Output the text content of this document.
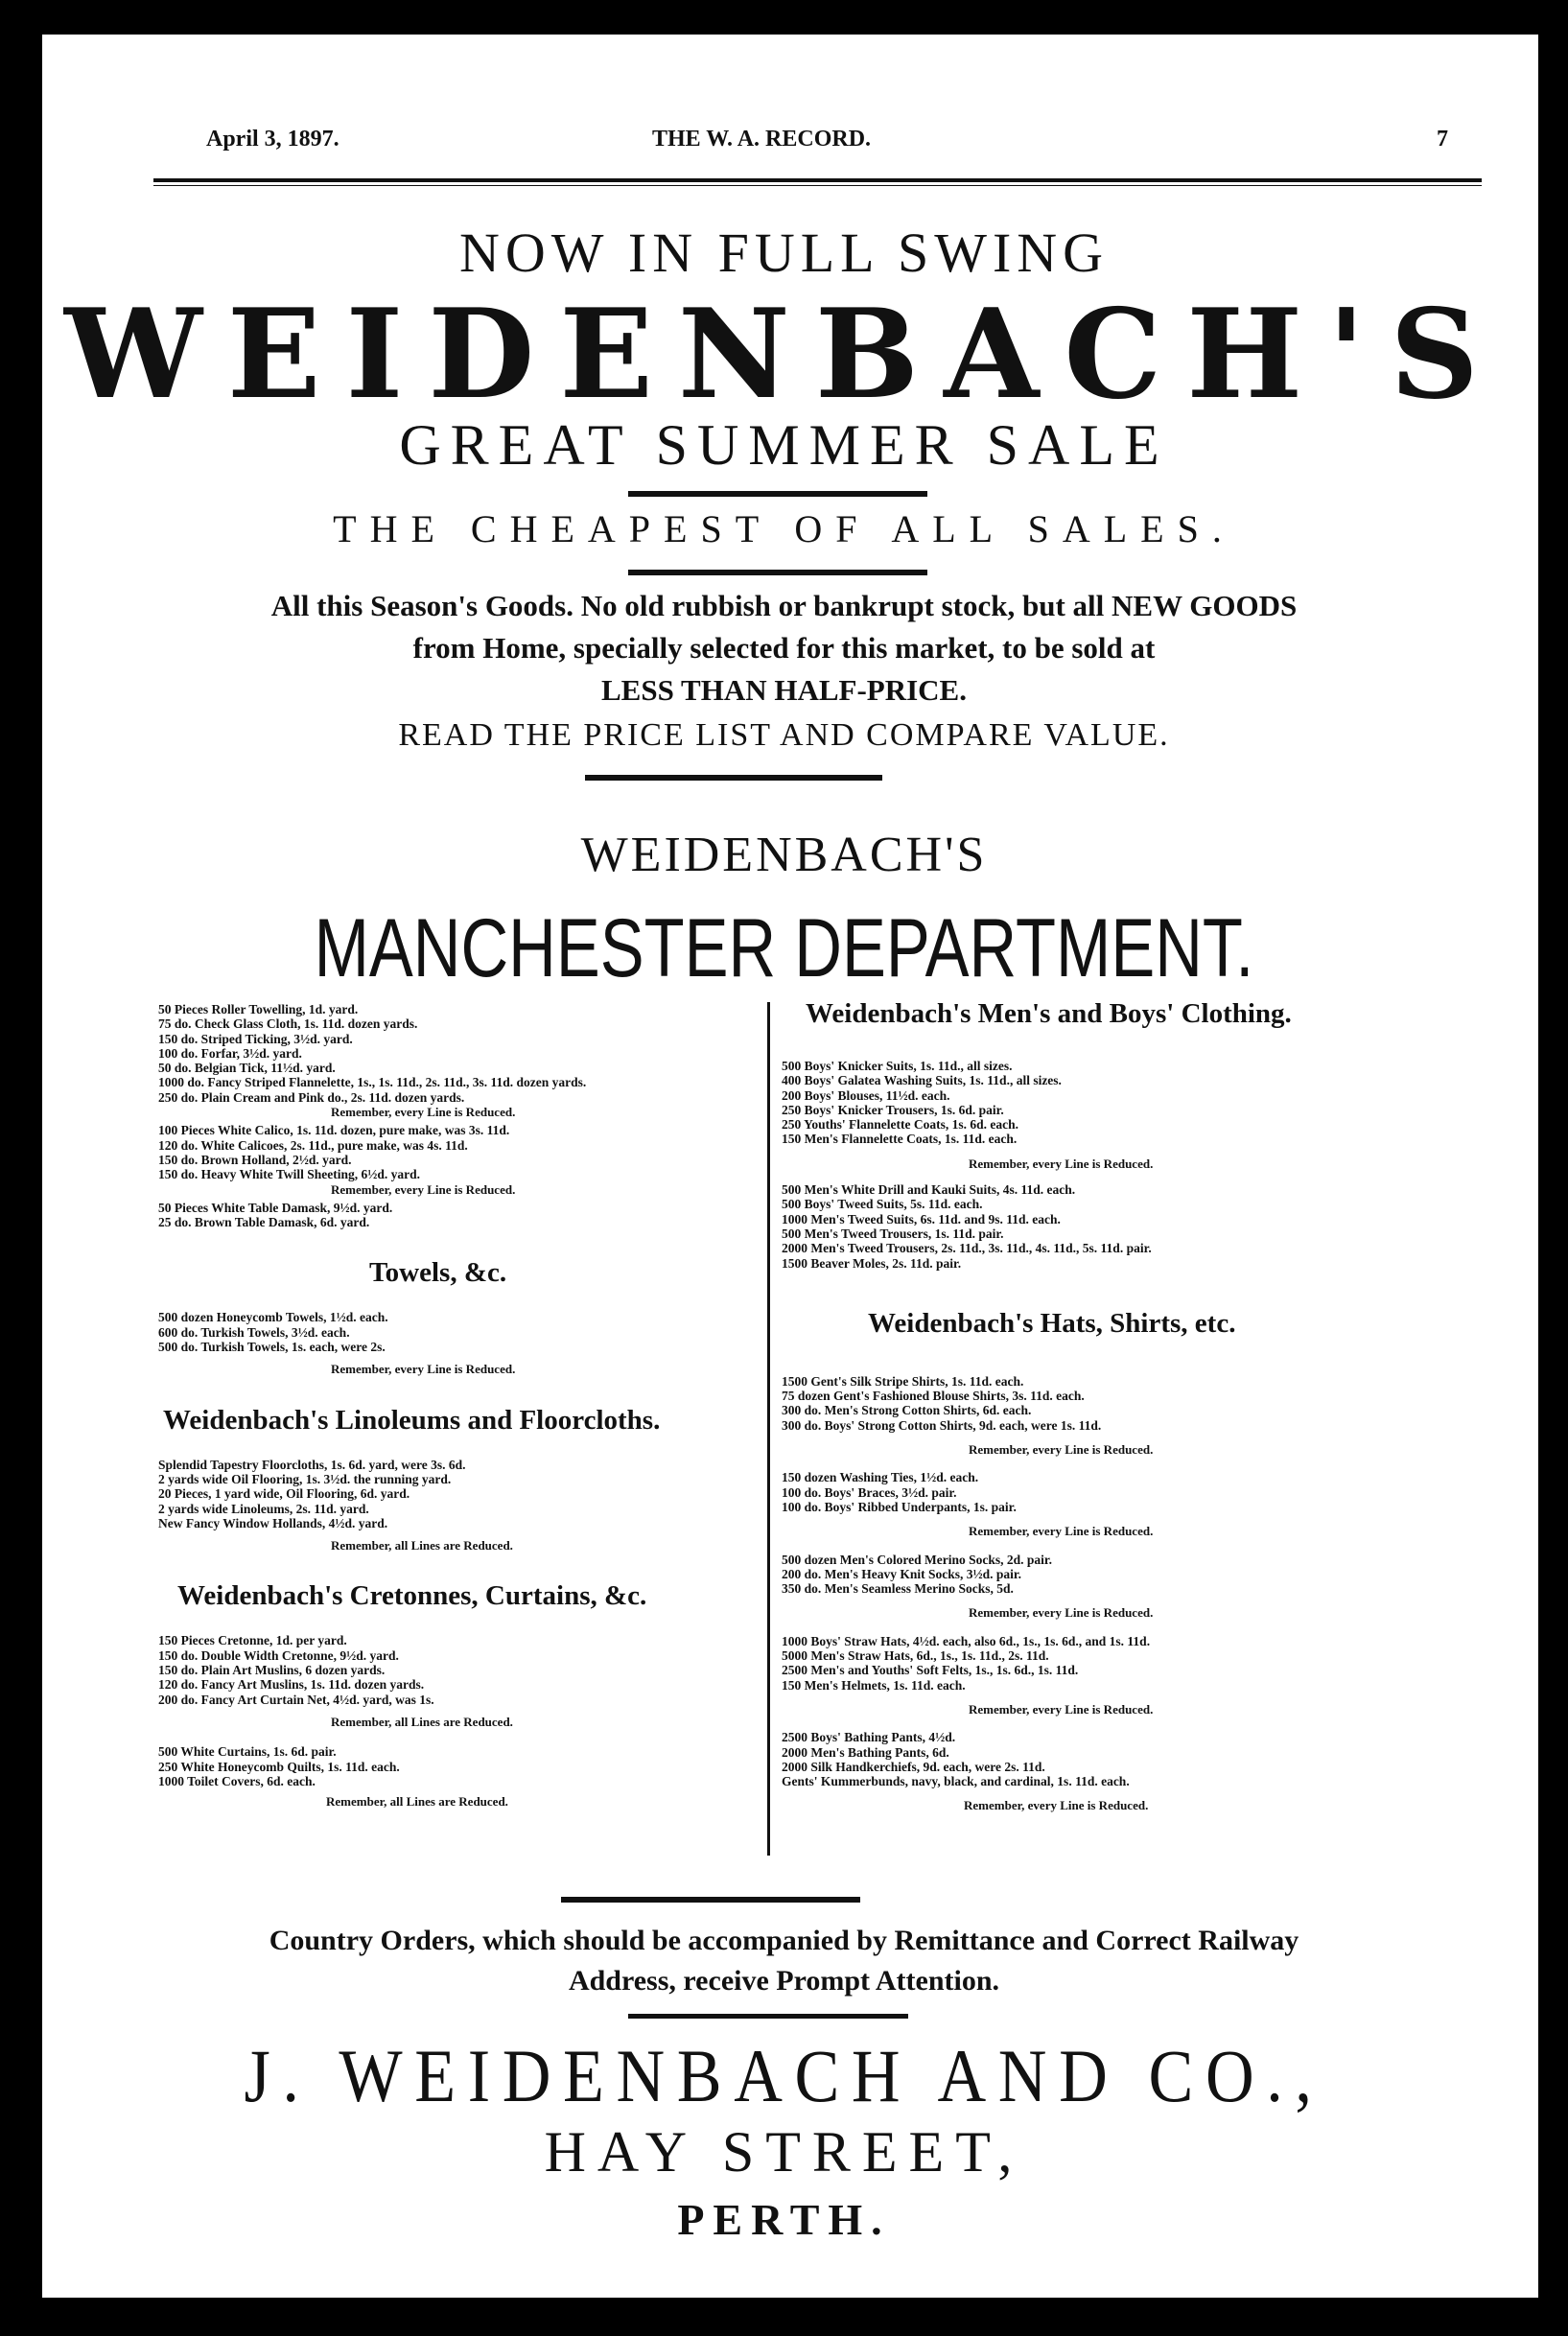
April 3, 1897.	THE W. A. RECORD.	7
NOW IN FULL SWING
WEIDENBACH'S
GREAT SUMMER SALE
THE CHEAPEST OF ALL SALES.
All this Season's Goods. No old rubbish or bankrupt stock, but all NEW GOODS
from Home, specially selected for this market, to be sold at
LESS THAN HALF-PRICE.
READ THE PRICE LIST AND COMPARE VALUE.
WEIDENBACH'S
MANCHESTER DEPARTMENT.
50 Pieces Roller Towelling, 1d. yard.
75 do. Check Glass Cloth, 1s. 11d. dozen yards.
150 do. Striped Ticking, 3½d. yard.
100 do. Forfar, 3½d. yard.
50 do. Belgian Tick, 11½d. yard.
1000 do. Fancy Striped Flannelette, 1s., 1s. 11d., 2s. 11d., 3s. 11d. dozen yards.
250 do. Plain Cream and Pink do., 2s. 11d. dozen yards.
Remember, every Line is Reduced.
100 Pieces White Calico, 1s. 11d. dozen, pure make, was 3s. 11d.
120 do. White Calicoes, 2s. 11d., pure make, was 4s. 11d.
150 do. Brown Holland, 2½d. yard.
150 do. Heavy White Twill Sheeting, 6½d. yard.
Remember, every Line is Reduced.
50 Pieces White Table Damask, 9½d. yard.
25 do. Brown Table Damask, 6d. yard.
Towels, &c.
500 dozen Honeycomb Towels, 1½d. each.
600 do. Turkish Towels, 3½d. each.
500 do. Turkish Towels, 1s. each, were 2s.
Remember, every Line is Reduced.
Weidenbach's Linoleums and Floorcloths.
Splendid Tapestry Floorcloths, 1s. 6d. yard, were 3s. 6d.
2 yards wide Oil Flooring, 1s. 3½d. the running yard.
20 Pieces, 1 yard wide, Oil Flooring, 6d. yard.
2 yards wide Linoleums, 2s. 11d. yard.
New Fancy Window Hollands, 4½d. yard.
Remember, all Lines are Reduced.
Weidenbach's Cretonnes, Curtains, &c.
150 Pieces Cretonne, 1d. per yard.
150 do. Double Width Cretonne, 9½d. yard.
150 do. Plain Art Muslins, 6 dozen yards.
120 do. Fancy Art Muslins, 1s. 11d. dozen yards.
200 do. Fancy Art Curtain Net, 4½d. yard, was 1s.
Remember, all Lines are Reduced.
500 White Curtains, 1s. 6d. pair.
250 White Honeycomb Quilts, 1s. 11d. each.
1000 Toilet Covers, 6d. each.
Remember, all Lines are Reduced.
Weidenbach's Men's and Boys' Clothing.
500 Boys' Knicker Suits, 1s. 11d., all sizes.
400 Boys' Galatea Washing Suits, 1s. 11d., all sizes.
200 Boys' Blouses, 11½d. each.
250 Boys' Knicker Trousers, 1s. 6d. pair.
250 Youths' Flannelette Coats, 1s. 6d. each.
150 Men's Flannelette Coats, 1s. 11d. each.
Remember, every Line is Reduced.
500 Men's White Drill and Kauki Suits, 4s. 11d. each.
500 Boys' Tweed Suits, 5s. 11d. each.
1000 Men's Tweed Suits, 6s. 11d. and 9s. 11d. each.
500 Men's Tweed Trousers, 1s. 11d. pair.
2000 Men's Tweed Trousers, 2s. 11d., 3s. 11d., 4s. 11d., 5s. 11d. pair.
1500 Beaver Moles, 2s. 11d. pair.
Weidenbach's Hats, Shirts, etc.
1500 Gent's Silk Stripe Shirts, 1s. 11d. each.
75 dozen Gent's Fashioned Blouse Shirts, 3s. 11d. each.
300 do. Men's Strong Cotton Shirts, 6d. each.
300 do. Boys' Strong Cotton Shirts, 9d. each, were 1s. 11d.
Remember, every Line is Reduced.
150 dozen Washing Ties, 1½d. each.
100 do. Boys' Braces, 3½d. pair.
100 do. Boys' Ribbed Underpants, 1s. pair.
Remember, every Line is Reduced.
500 dozen Men's Colored Merino Socks, 2d. pair.
200 do. Men's Heavy Knit Socks, 3½d. pair.
350 do. Men's Seamless Merino Socks, 5d.
Remember, every Line is Reduced.
1000 Boys' Straw Hats, 4½d. each, also 6d., 1s., 1s. 6d., and 1s. 11d.
5000 Men's Straw Hats, 6d., 1s., 1s. 11d., 2s. 11d.
2500 Men's and Youths' Soft Felts, 1s., 1s. 6d., 1s. 11d.
150 Men's Helmets, 1s. 11d. each.
Remember, every Line is Reduced.
2500 Boys' Bathing Pants, 4½d.
2000 Men's Bathing Pants, 6d.
2000 Silk Handkerchiefs, 9d. each, were 2s. 11d.
Gents' Kummerbunds, navy, black, and cardinal, 1s. 11d. each.
Remember, every Line is Reduced.
Country Orders, which should be accompanied by Remittance and Correct Railway
Address, receive Prompt Attention.
J. WEIDENBACH AND CO.,
HAY STREET,
PERTH.
